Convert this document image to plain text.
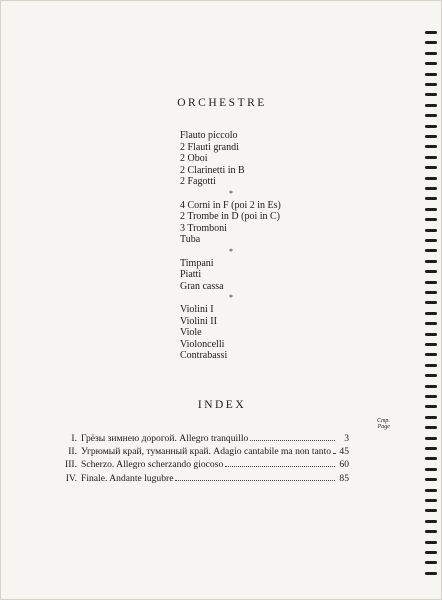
ORCHESTRE
Flauto piccolo
2 Flauti grandi
2 Oboi
2 Clarinetti in B
2 Fagotti
*
4 Corni in F (poi 2 in Es)
2 Trombe in D (poi in C)
3 Tromboni
Tuba
*
Timpani
Piatti
Gran cassa
*
Violini I
Violini II
Viole
Violoncelli
Contrabassi
INDEX
Стр.
Page
I. Грёзы зимнею дорогой. Allegro tranquillo	3
II. Угрюмый край, туманный край. Adagio cantabile ma non tanto 45
III. Scherzo. Allegro scherzando giocoso	60
IV. Finale. Andante lugubre	85
